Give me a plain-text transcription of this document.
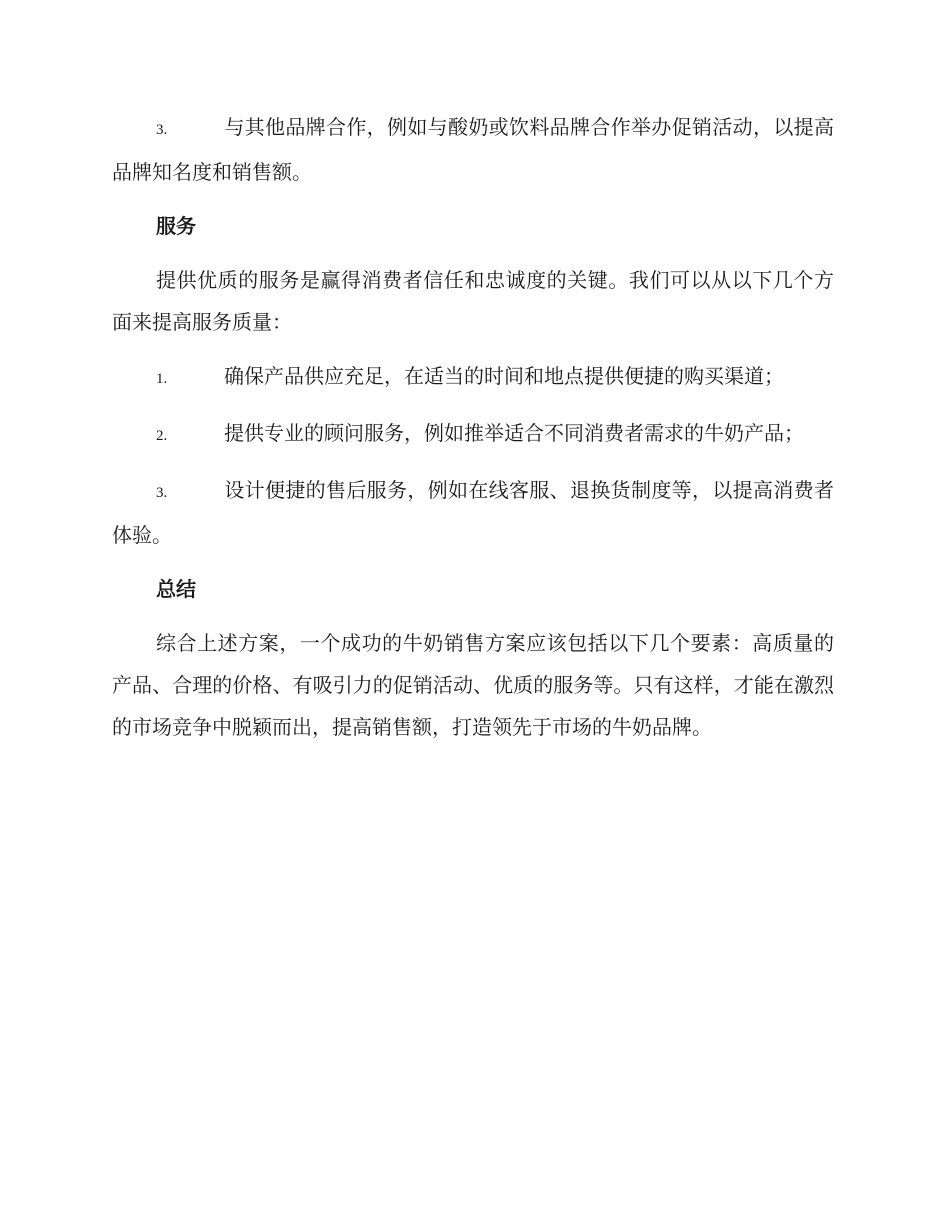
3.	与其他品牌合作，例如与酸奶或饮料品牌合作举办促销活动，以提高品牌知名度和销售额。

服务

提供优质的服务是赢得消费者信任和忠诚度的关键。我们可以从以下几个方面来提高服务质量：

1.	确保产品供应充足，在适当的时间和地点提供便捷的购买渠道；

2.	提供专业的顾问服务，例如推举适合不同消费者需求的牛奶产品；

3.	设计便捷的售后服务，例如在线客服、退换货制度等，以提高消费者体验。

总结

综合上述方案，一个成功的牛奶销售方案应该包括以下几个要素：高质量的产品、合理的价格、有吸引力的促销活动、优质的服务等。只有这样，才能在激烈的市场竞争中脱颖而出，提高销售额，打造领先于市场的牛奶品牌。
